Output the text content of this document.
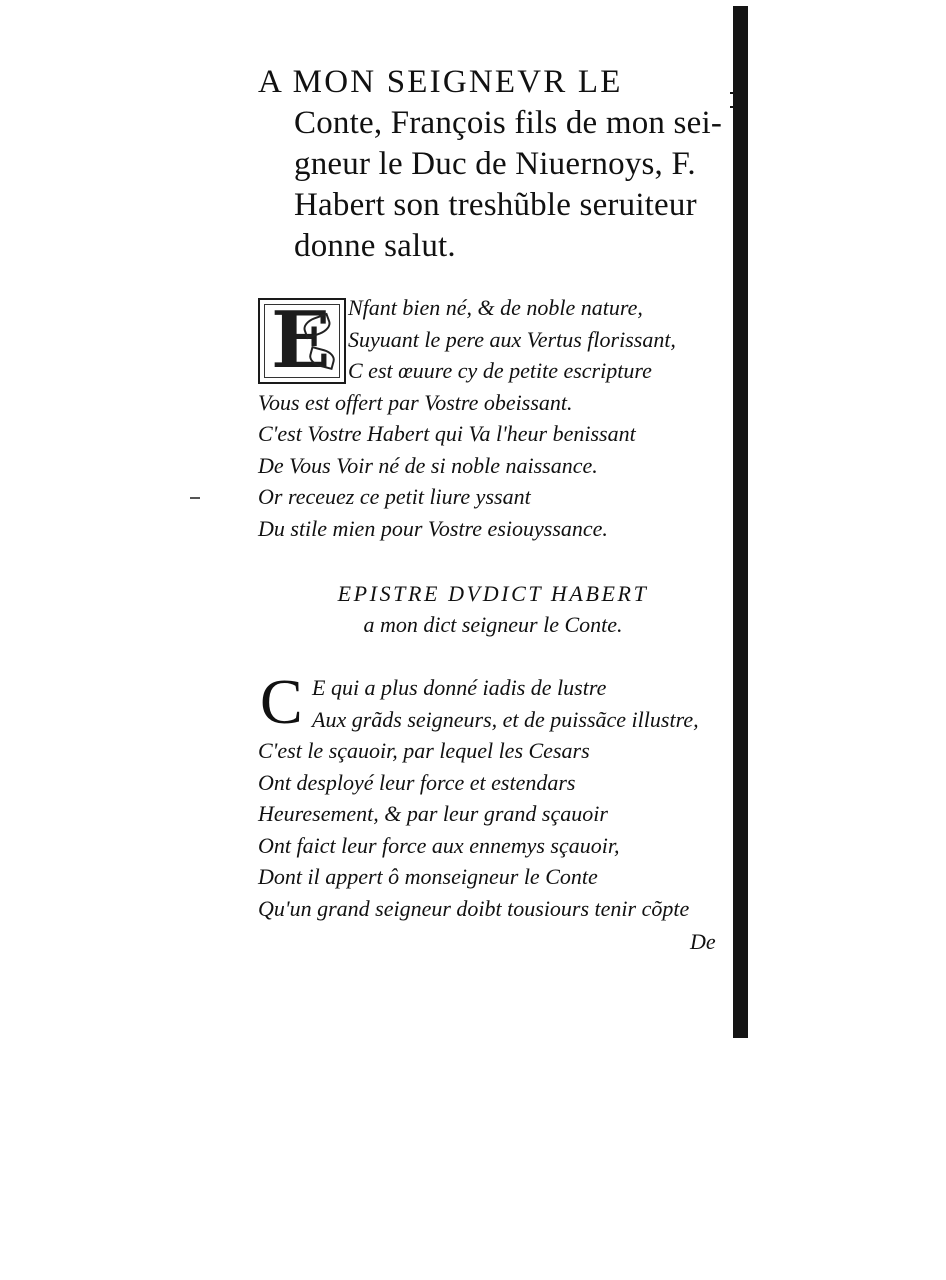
A MON SEIGNEVR LE
Conte, François fils de mon sei-
gneur le Duc de Niuernoys, F.
Habert son treshũble seruiteur
donne salut.
E Nfant bien né, & de noble nature,
Suyuant le pere aux Vertus florissant,
C est œuure cy de petite escripture
Vous est offert par Vostre obeissant.
C'est Vostre Habert qui Va l'heur benissant
De Vous Voir né de si noble naissance.
Or receuez ce petit liure yssant
Du stile mien pour Vostre esiouyssance.
EPISTRE DVDICT HABERT
a mon dict seigneur le Conte.
C E qui a plus donné iadis de lustre
Aux grãds seigneurs, et de puissãce illustre,
C'est le sçauoir, par lequel les Cesars
Ont desployé leur force et estendars
Heuresement, & par leur grand sçauoir
Ont faict leur force aux ennemys sçauoir,
Dont il appert ô monseigneur le Conte
Qu'un grand seigneur doibt tousiours tenir cõpte
De
